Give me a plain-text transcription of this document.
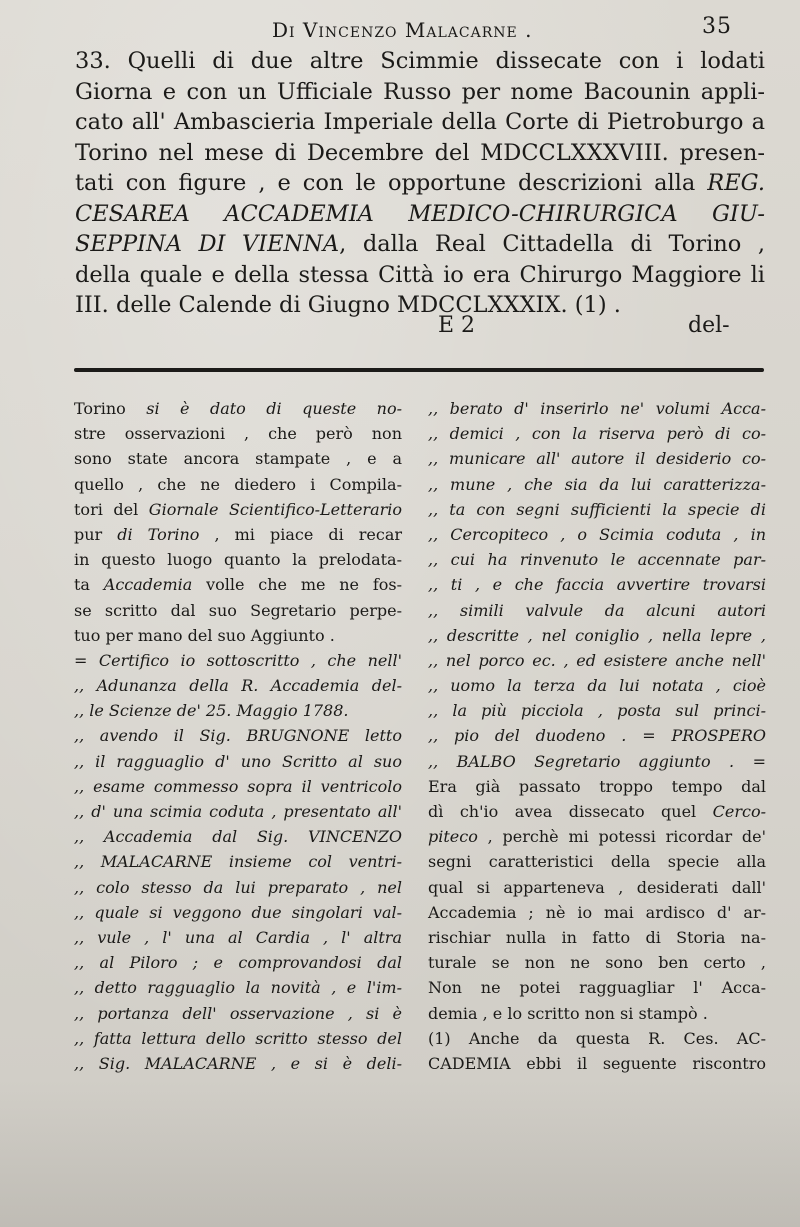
Di Vincenzo Malacarne .	35
33. Quelli di due altre Scimmie dissecate con i lodati
Giorna e con un Ufficiale Russo per nome Bacounin appli-
cato all' Ambascieria Imperiale della Corte di Pietroburgo a
Torino nel mese di Decembre del MDCCLXXXVIII. presen-
tati con figure , e con le opportune descrizioni alla REG.
CESAREA ACCADEMIA MEDICO-CHIRURGICA GIU-
SEPPINA DI VIENNA, dalla Real Cittadella di Torino ,
della quale e della stessa Città io era Chirurgo Maggiore li
III. delle Calende di Giugno MDCCLXXXIX. (1) .
E 2	del-
Torino si è dato di queste no-
stre osservazioni , che però non
sono state ancora stampate , e a
quello , che ne diedero i Compila-
tori del Giornale Scientifico-Letterario
pur di Torino , mi piace di recar
in questo luogo quanto la prelodata-
ta Accademia volle che me ne fos-
se scritto dal suo Segretario perpe-
tuo per mano del suo Aggiunto .
= Certifico io sottoscritto , che nell'
,, Adunanza della R. Accademia del-
,, le Scienze de' 25. Maggio 1788.
,, avendo il Sig. BRUGNONE letto
,, il ragguaglio d' uno Scritto al suo
,, esame commesso sopra il ventricolo
,, d' una scimia coduta , presentato all'
,, Accademia dal Sig. VINCENZO
,, MALACARNE insieme col ventri-
,, colo stesso da lui preparato , nel
,, quale si veggono due singolari val-
,, vule , l' una al Cardia , l' altra
,, al Piloro ; e comprovandosi dal
,, detto ragguaglio la novità , e l'im-
,, portanza dell' osservazione , si è
,, fatta lettura dello scritto stesso del
,, Sig. MALACARNE , e si è deli-
,, berato d' inserirlo ne' volumi Acca-
,, demici , con la riserva però di co-
,, municare all' autore il desiderio co-
,, mune , che sia da lui caratterizza-
,, ta con segni sufficienti la specie di
,, Cercopiteco , o Scimia coduta , in
,, cui ha rinvenuto le accennate par-
,, ti , e che faccia avvertire trovarsi
,, simili valvule da alcuni autori
,, descritte , nel coniglio , nella lepre ,
,, nel porco ec. , ed esistere anche nell'
,, uomo la terza da lui notata , cioè
,, la più picciola , posta sul princi-
,, pio del duodeno . = PROSPERO
,, BALBO Segretario aggiunto . =
Era già passato troppo tempo dal
dì ch'io avea dissecato quel Cerco-
piteco , perchè mi potessi ricordar de'
segni caratteristici della specie alla
qual si apparteneva , desiderati dall'
Accademia ; nè io mai ardisco d' ar-
rischiar nulla in fatto di Storia na-
turale se non ne sono ben certo ,
Non ne potei ragguagliar l' Acca-
demia , e lo scritto non si stampò .
(1) Anche da questa R. Ces. AC-
CADEMIA ebbi il seguente riscontro
